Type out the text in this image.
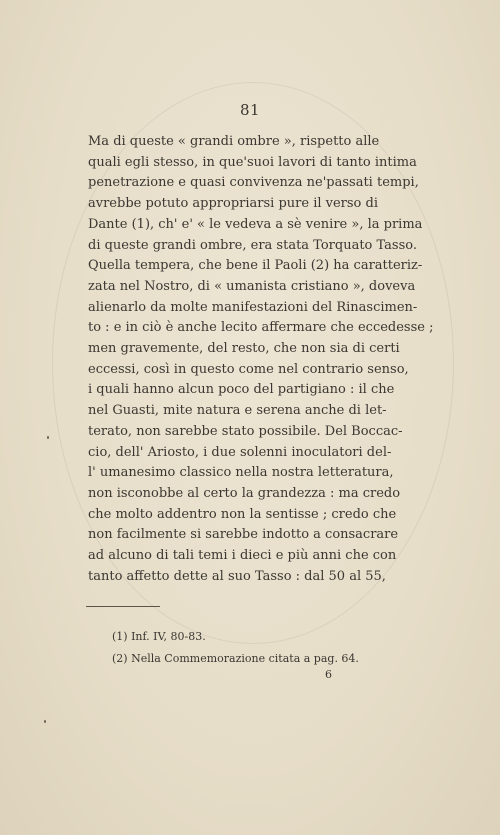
81
Ma di queste « grandi ombre », rispetto alle
quali egli stesso, in que'suoi lavori di tanto intima
penetrazione e quasi convivenza ne'passati tempi,
avrebbe potuto appropriarsi pure il verso di
Dante (1), ch' e' « le vedeva a sè venire », la prima
di queste grandi ombre, era stata Torquato Tasso.
Quella tempera, che bene il Paoli (2) ha caratteriz-
zata nel Nostro, di « umanista cristiano », doveva
alienarlo da molte manifestazioni del Rinascimen-
to : e in ciò è anche lecito affermare che eccedesse ;
men gravemente, del resto, che non sia di certi
eccessi, così in questo come nel contrario senso,
i quali hanno alcun poco del partigiano : il che
nel Guasti, mite natura e serena anche di let-
terato, non sarebbe stato possibile. Del Boccac-
cio, dell' Ariosto, i due solenni inoculatori del-
l' umanesimo classico nella nostra letteratura,
non isconobbe al certo la grandezza : ma credo
che molto addentro non la sentisse ; credo che
non facilmente si sarebbe indotto a consacrare
ad alcuno di tali temi i dieci e più anni che con
tanto affetto dette al suo Tasso : dal 50 al 55,
(1) Inf. IV, 80-83.
(2) Nella Commemorazione citata a pag. 64.
6
